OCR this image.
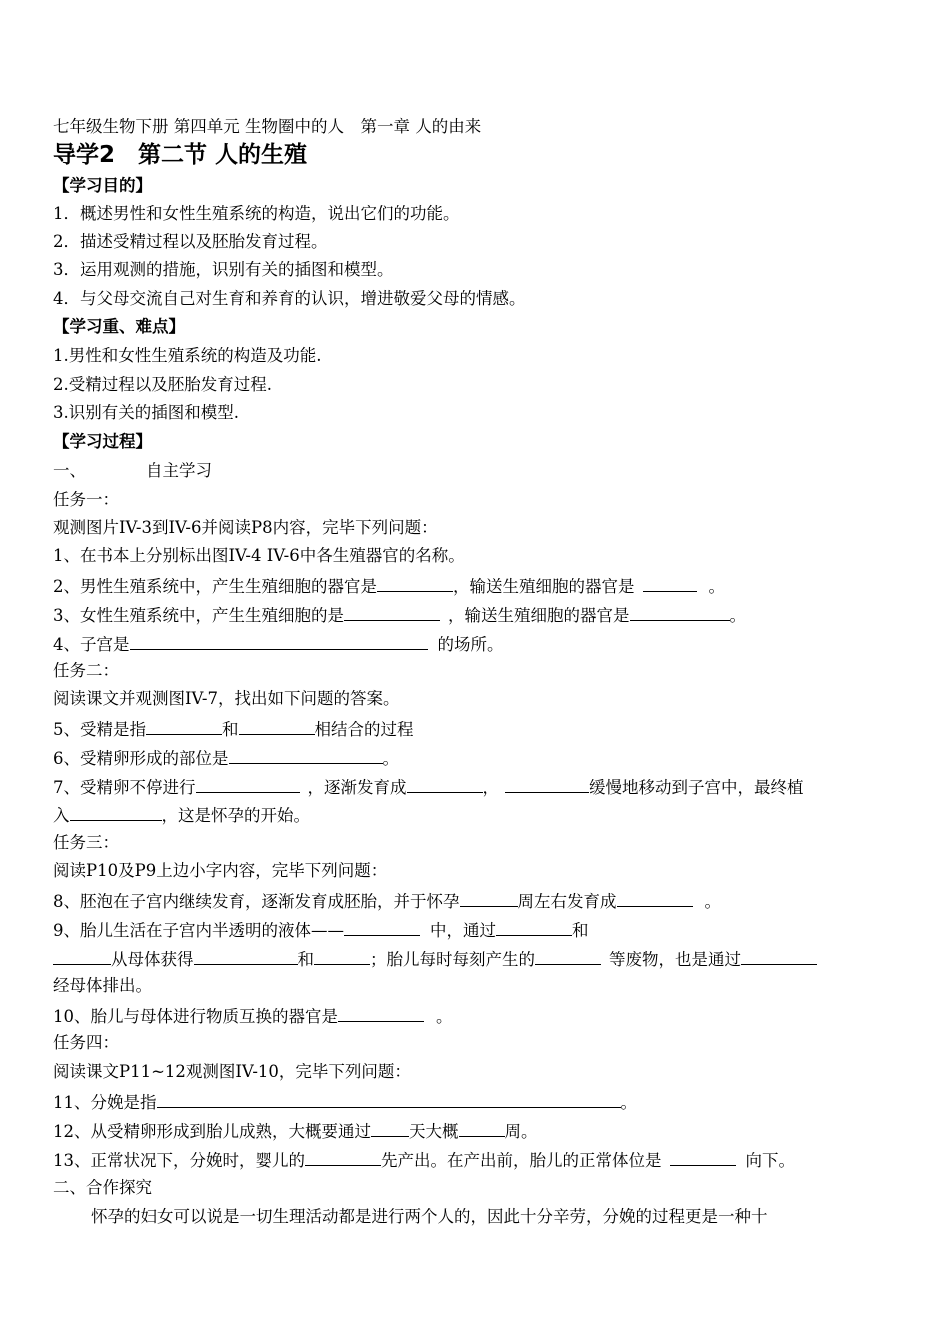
七年级生物下册 第四单元 生物圈中的人　第一章 人的由来
导学2　第二节 人的生殖
【学习目的】
1．概述男性和女性生殖系统的构造，说出它们的功能。
2．描述受精过程以及胚胎发育过程。
3．运用观测的措施，识别有关的插图和模型。
4．与父母交流自己对生育和养育的认识，增进敬爱父母的情感。
【学习重、难点】
1.男性和女性生殖系统的构造及功能.
2.受精过程以及胚胎发育过程.
3.识别有关的插图和模型.
【学习过程】
一、	自主学习
任务一：
观测图片IV-3到IV-6并阅读P8内容，完毕下列问题：
1、在书本上分别标出图IV-4 IV-6中各生殖器官的名称。
2、男性生殖系统中，产生生殖细胞的器官是	，输送生殖细胞的器官是	。
3、女性生殖系统中，产生生殖细胞的是	，输送生殖细胞的器官是	。
4、子宫是	的场所。
任务二：
阅读课文并观测图IV-7，找出如下问题的答案。
5、受精是指	和	相结合的过程
6、受精卵形成的部位是	。
7、受精卵不停进行	，逐渐发育成	，	缓慢地移动到子宫中，最终植
入	，这是怀孕的开始。
任务三：
阅读P10及P9上边小字内容，完毕下列问题：
8、胚泡在子宫内继续发育，逐渐发育成胚胎，并于怀孕	周左右发育成	。
9、胎儿生活在子宫内半透明的液体——	中，通过	和
从母体获得	和	；胎儿每时每刻产生的	等废物，也是通过
经母体排出。
10、胎儿与母体进行物质互换的器官是	。
任务四：
阅读课文P11~12观测图IV-10，完毕下列问题：
11、分娩是指	。
12、从受精卵形成到胎儿成熟，大概要通过 天大概	周。
13、正常状况下，分娩时，婴儿的	先产出。在产出前，胎儿的正常体位是	向下。
二、合作探究
怀孕的妇女可以说是一切生理活动都是进行两个人的，因此十分辛劳，分娩的过程更是一种十
